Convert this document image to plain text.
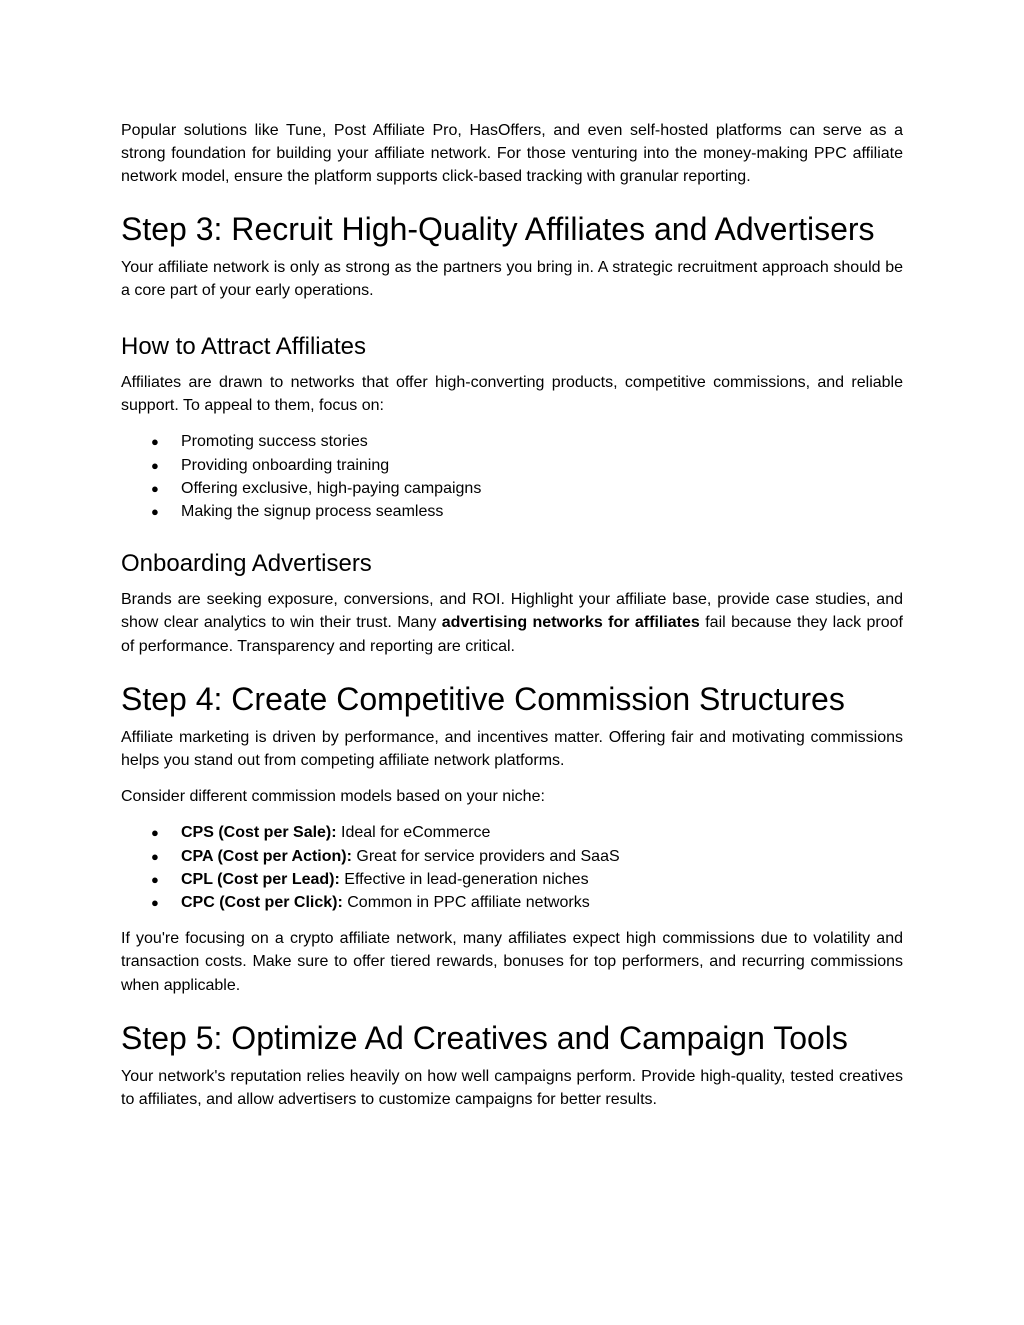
Popular solutions like Tune, Post Affiliate Pro, HasOffers, and even self-hosted platforms can serve as a strong foundation for building your affiliate network. For those venturing into the money-making PPC affiliate network model, ensure the platform supports click-based tracking with granular reporting.

Step 3: Recruit High-Quality Affiliates and Advertisers

Your affiliate network is only as strong as the partners you bring in. A strategic recruitment approach should be a core part of your early operations.

How to Attract Affiliates

Affiliates are drawn to networks that offer high-converting products, competitive commissions, and reliable support. To appeal to them, focus on:

● Promoting success stories
● Providing onboarding training
● Offering exclusive, high-paying campaigns
● Making the signup process seamless
Onboarding Advertisers

Brands are seeking exposure, conversions, and ROI. Highlight your affiliate base, provide case studies, and show clear analytics to win their trust. Many advertising networks for affiliates fail because they lack proof of performance. Transparency and reporting are critical.

Step 4: Create Competitive Commission Structures

Affiliate marketing is driven by performance, and incentives matter. Offering fair and motivating commissions helps you stand out from competing affiliate network platforms.

Consider different commission models based on your niche:

● CPS (Cost per Sale): Ideal for eCommerce
● CPA (Cost per Action): Great for service providers and SaaS
● CPL (Cost per Lead): Effective in lead-generation niches
● CPC (Cost per Click): Common in PPC affiliate networks

If you're focusing on a crypto affiliate network, many affiliates expect high commissions due to volatility and transaction costs. Make sure to offer tiered rewards, bonuses for top performers, and recurring commissions when applicable.

Step 5: Optimize Ad Creatives and Campaign Tools

Your network's reputation relies heavily on how well campaigns perform. Provide high-quality, tested creatives to affiliates, and allow advertisers to customize campaigns for better results.
